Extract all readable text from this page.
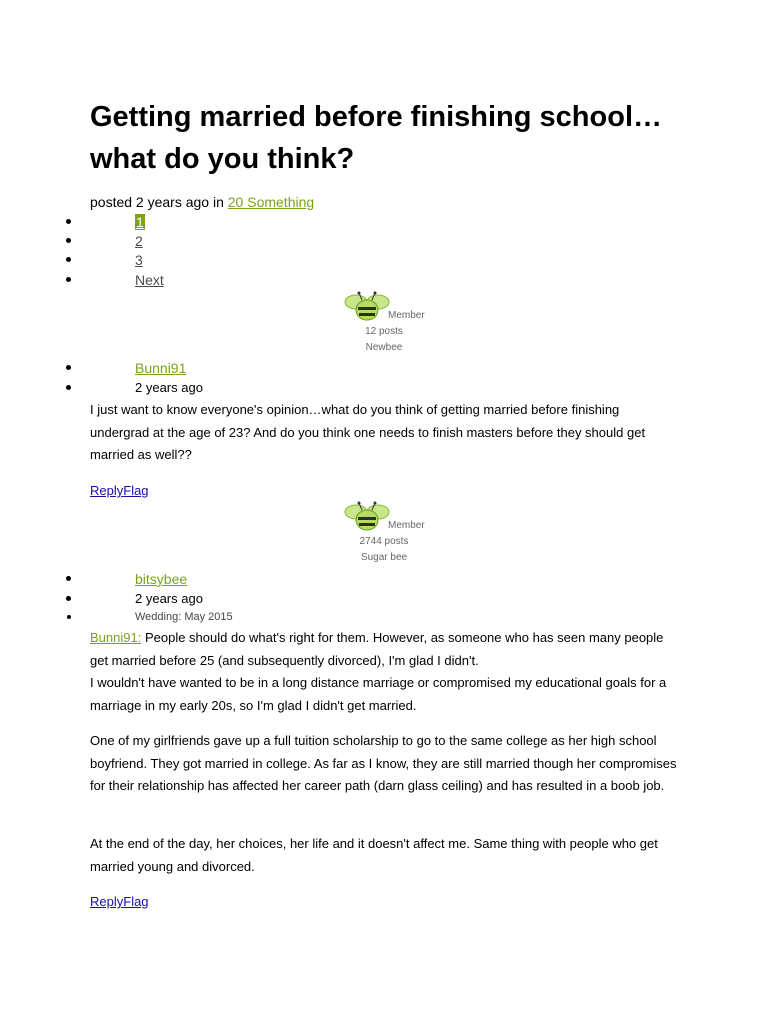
Getting married before finishing school… what do you think?
posted 2 years ago in 20 Something
1
2
3
Next
Member
12 posts
Newbee
Bunni91
2 years ago

I just want to know everyone's opinion…what do you think of getting married before finishing undergrad at the age of 23? And do you think one needs to finish masters before they should get married as well??

ReplyFlag
Member
2744 posts
Sugar bee
bitsybee
2 years ago
Wedding: May 2015

Bunni91: People should do what's right for them. However, as someone who has seen many people get married before 25 (and subsequently divorced), I'm glad I didn't.

I wouldn't have wanted to be in a long distance marriage or compromised my educational goals for a marriage in my early 20s, so I'm glad I didn't get married.

One of my girlfriends gave up a full tuition scholarship to go to the same college as her high school boyfriend. They got married in college. As far as I know, they are still married though her compromises for their relationship has affected her career path (darn glass ceiling) and has resulted in a boob job.

At the end of the day, her choices, her life and it doesn't affect me. Same thing with people who get married young and divorced.

ReplyFlag
